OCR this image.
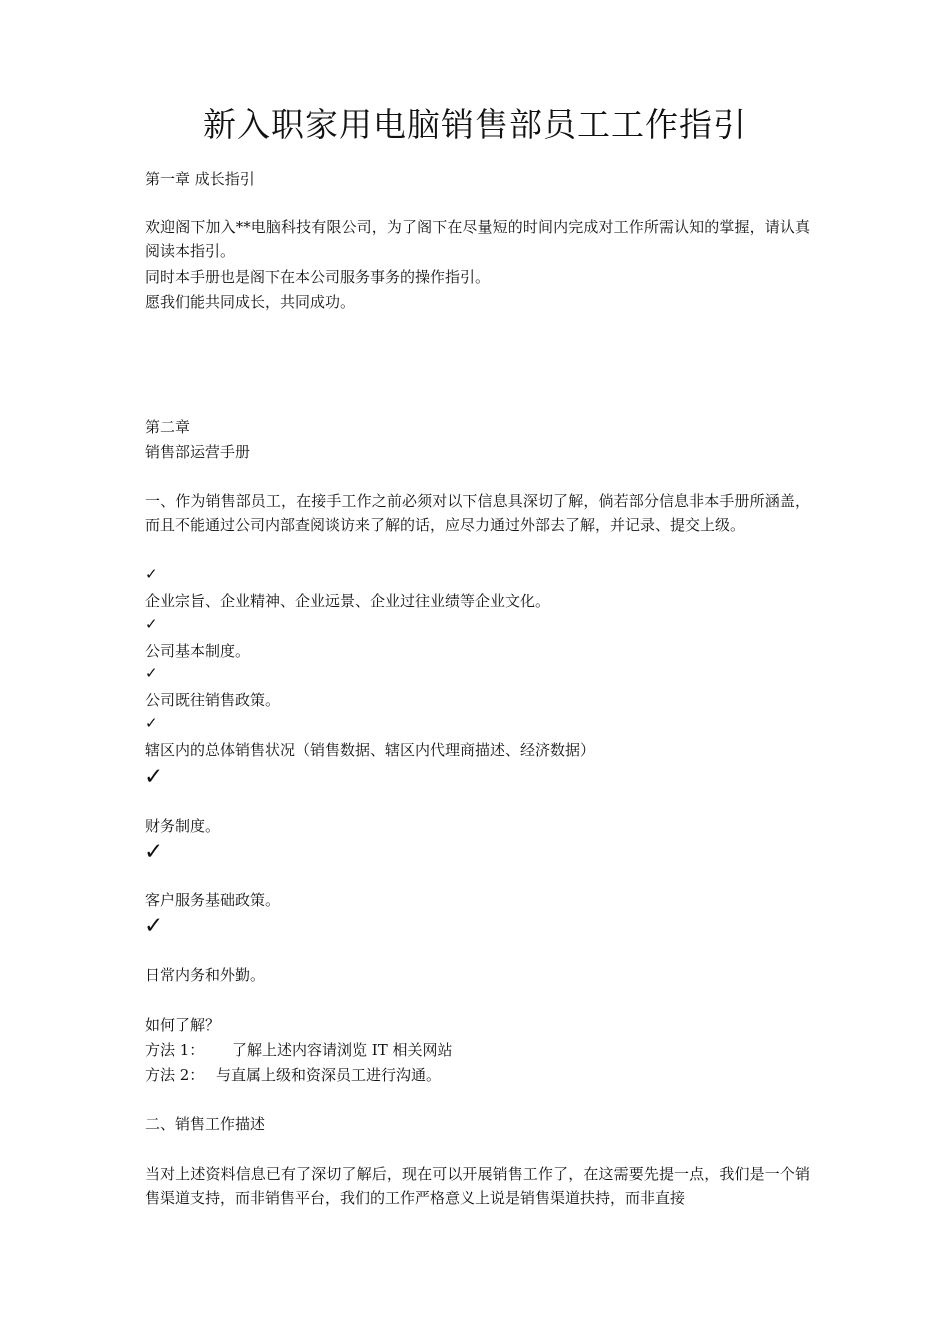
新入职家用电脑销售部员工工作指引
第一章 成长指引
欢迎阁下加入**电脑科技有限公司，为了阁下在尽量短的时间内完成对工作所需认知的掌握，请认真阅读本指引。
同时本手册也是阁下在本公司服务事务的操作指引。
愿我们能共同成长，共同成功。
第二章
销售部运营手册
一、作为销售部员工，在接手工作之前必须对以下信息具深切了解，倘若部分信息非本手册所涵盖，而且不能通过公司内部查阅谈访来了解的话，应尽力通过外部去了解，并记录、提交上级。
✓
企业宗旨、企业精神、企业远景、企业过往业绩等企业文化。
✓
公司基本制度。
✓
公司既往销售政策。
✓
辖区内的总体销售状况（销售数据、辖区内代理商描述、经济数据）
✓
财务制度。
✓
客户服务基础政策。
✓
日常内务和外勤。
如何了解？
方法 1： 了解上述内容请浏览 IT 相关网站
方法 2： 与直属上级和资深员工进行沟通。
二、销售工作描述
当对上述资料信息已有了深切了解后，现在可以开展销售工作了，在这需要先提一点，我们是一个销售渠道支持，而非销售平台，我们的工作严格意义上说是销售渠道扶持，而非直接
